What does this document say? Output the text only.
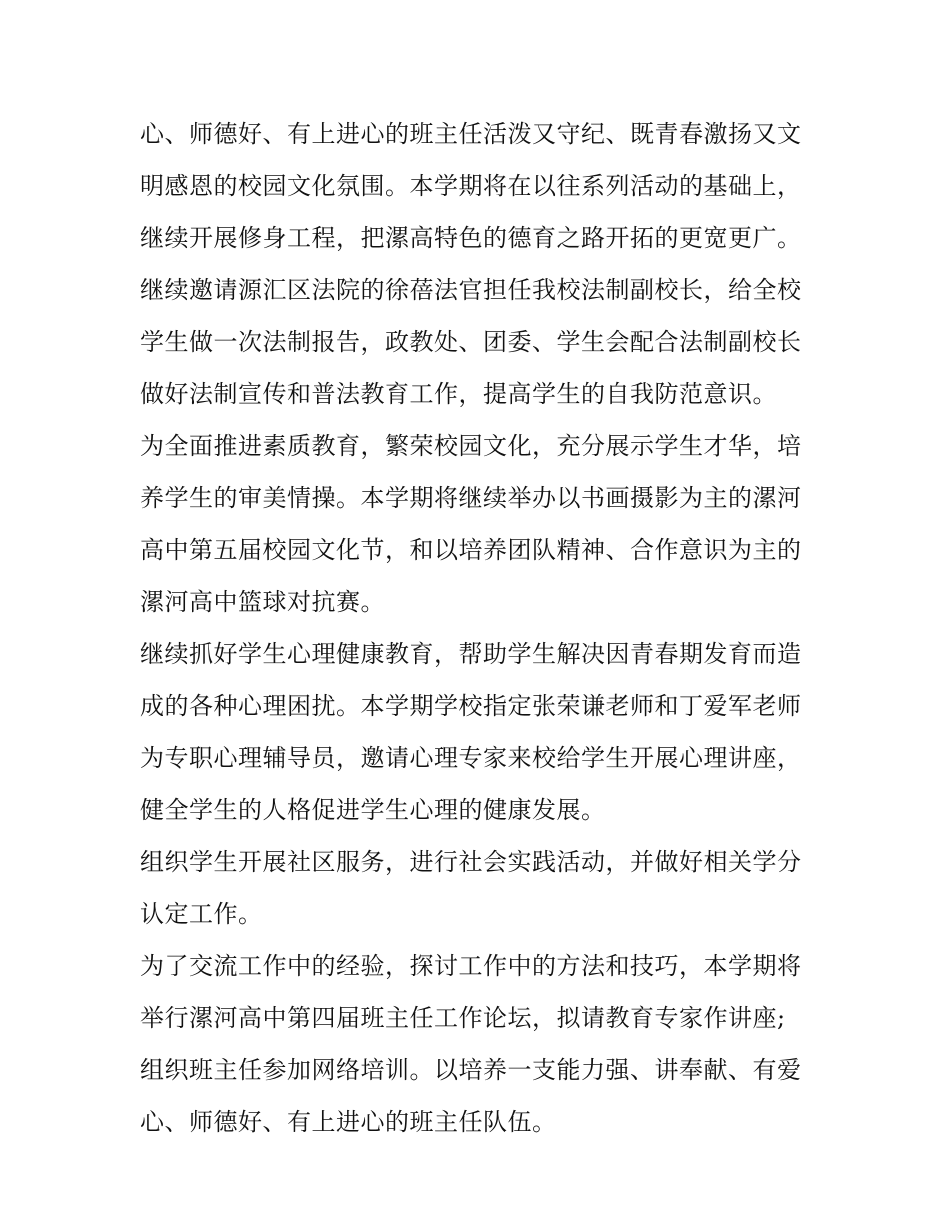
心、师德好、有上进心的班主任活泼又守纪、既青春激扬又文
明感恩的校园文化氛围。本学期将在以往系列活动的基础上，
继续开展修身工程，把漯高特色的德育之路开拓的更宽更广。
继续邀请源汇区法院的徐蓓法官担任我校法制副校长，给全校
学生做一次法制报告，政教处、团委、学生会配合法制副校长
做好法制宣传和普法教育工作，提高学生的自我防范意识。
为全面推进素质教育，繁荣校园文化，充分展示学生才华，培
养学生的审美情操。本学期将继续举办以书画摄影为主的漯河
高中第五届校园文化节，和以培养团队精神、合作意识为主的
漯河高中篮球对抗赛。
继续抓好学生心理健康教育，帮助学生解决因青春期发育而造
成的各种心理困扰。本学期学校指定张荣谦老师和丁爱军老师
为专职心理辅导员，邀请心理专家来校给学生开展心理讲座，
健全学生的人格促进学生心理的健康发展。
组织学生开展社区服务，进行社会实践活动，并做好相关学分
认定工作。
为了交流工作中的经验，探讨工作中的方法和技巧，本学期将
举行漯河高中第四届班主任工作论坛，拟请教育专家作讲座;
组织班主任参加网络培训。以培养一支能力强、讲奉献、有爱
心、师德好、有上进心的班主任队伍。
